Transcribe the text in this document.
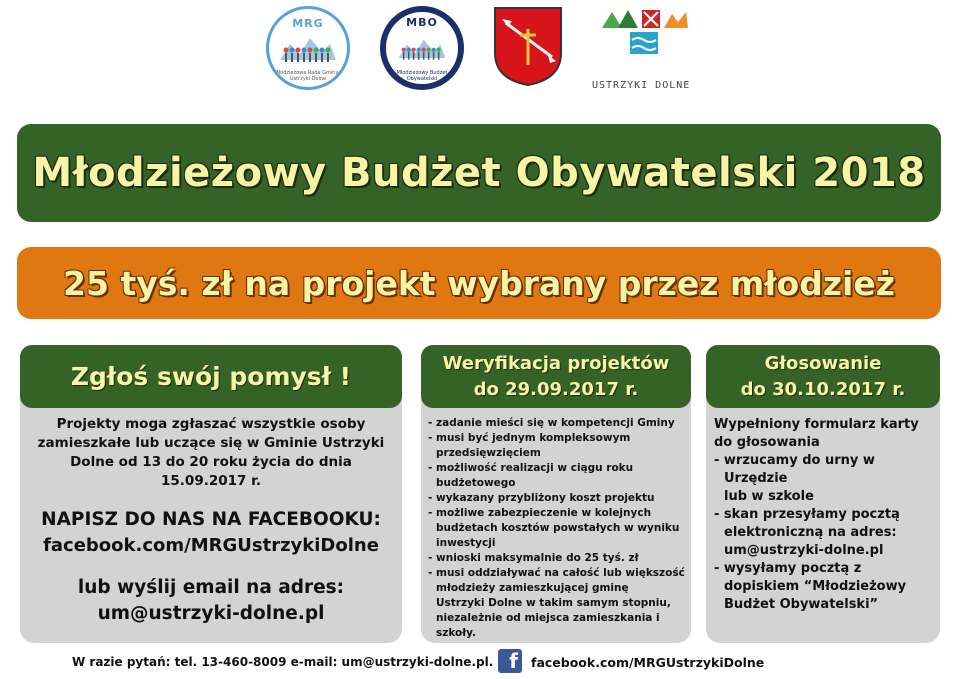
MRG
Młodzieżowa Rada Gminy · Ustrzyki Dolne
MBO
Młodzieżowy Budżet Obywatelski
USTRZYKI DOLNE
Młodzieżowy Budżet Obywatelski 2018
25 tyś. zł na projekt wybrany przez młodzież
Zgłoś swój pomysł !
Projekty moga zgłaszać wszystkie osoby zamieszkałe lub uczące się w Gminie Ustrzyki Dolne od 13 do 20 roku życia do dnia 15.09.2017 r.
NAPISZ DO NAS NA FACEBOOKU:
facebook.com/MRGUstrzykiDolne
lub wyślij email na adres:
um@ustrzyki-dolne.pl
Weryfikacja projektów
do 29.09.2017 r.
- zadanie mieści się w kompetencji Gminy
- musi być jednym kompleksowym przedsięwzięciem
- możliwość realizacji w ciągu roku budżetowego
- wykazany przybliżony koszt projektu
- możliwe zabezpieczenie w kolejnych budżetach kosztów powstałych w wyniku inwestycji
- wnioski maksymalnie do 25 tyś. zł
- musi oddziaływać na całość lub większość młodzieży zamieszkującej gminę
Ustrzyki Dolne w takim samym stopniu, niezależnie od miejsca zamieszkania i szkoły.
Głosowanie
do 30.10.2017 r.
Wypełniony formularz karty do głosowania
- wrzucamy do urny w Urzędzie
lub w szkole
- skan przesyłamy pocztą elektroniczną na adres: um@ustrzyki-dolne.pl
- wysyłamy pocztą z dopiskiem “Młodzieżowy Budżet Obywatelski”
W razie pytań: tel. 13-460-8009 e-mail: um@ustrzyki-dolne.pl. f	facebook.com/MRGUstrzykiDolne
